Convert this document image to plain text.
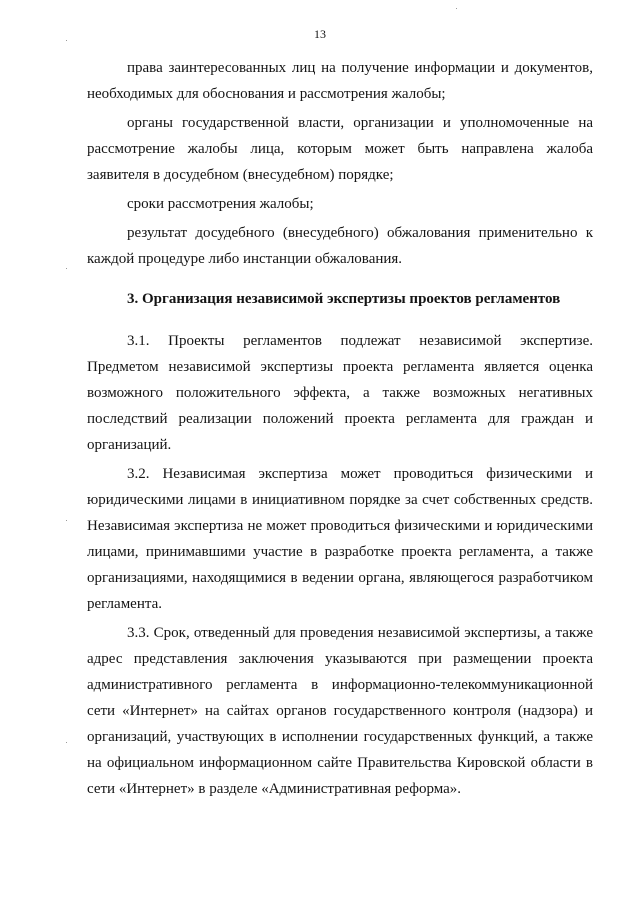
13

права заинтересованных лиц на получение информации и документов, необходимых для обоснования и рассмотрения жалобы;

органы государственной власти, организации и уполномоченные на рассмотрение жалобы лица, которым может быть направлена жалоба заявителя в досудебном (внесудебном) порядке;

сроки рассмотрения жалобы;

результат досудебного (внесудебного) обжалования применительно к каждой процедуре либо инстанции обжалования.

3. Организация независимой экспертизы проектов регламентов

3.1. Проекты регламентов подлежат независимой экспертизе. Предметом независимой экспертизы проекта регламента является оценка возможного положительного эффекта, а также возможных негативных последствий реализации положений проекта регламента для граждан и организаций.

3.2. Независимая экспертиза может проводиться физическими и юридическими лицами в инициативном порядке за счет собственных средств. Независимая экспертиза не может проводиться физическими и юридическими лицами, принимавшими участие в разработке проекта регламента, а также организациями, находящимися в ведении органа, являющегося разработчиком регламента.

3.3. Срок, отведенный для проведения независимой экспертизы, а также адрес представления заключения указываются при размещении проекта административного регламента в информационно-телекоммуникационной сети «Интернет» на сайтах органов государственного контроля (надзора) и организаций, участвующих в исполнении государственных функций, а также на официальном информационном сайте Правительства Кировской области в сети «Интернет» в разделе «Административная реформа».
